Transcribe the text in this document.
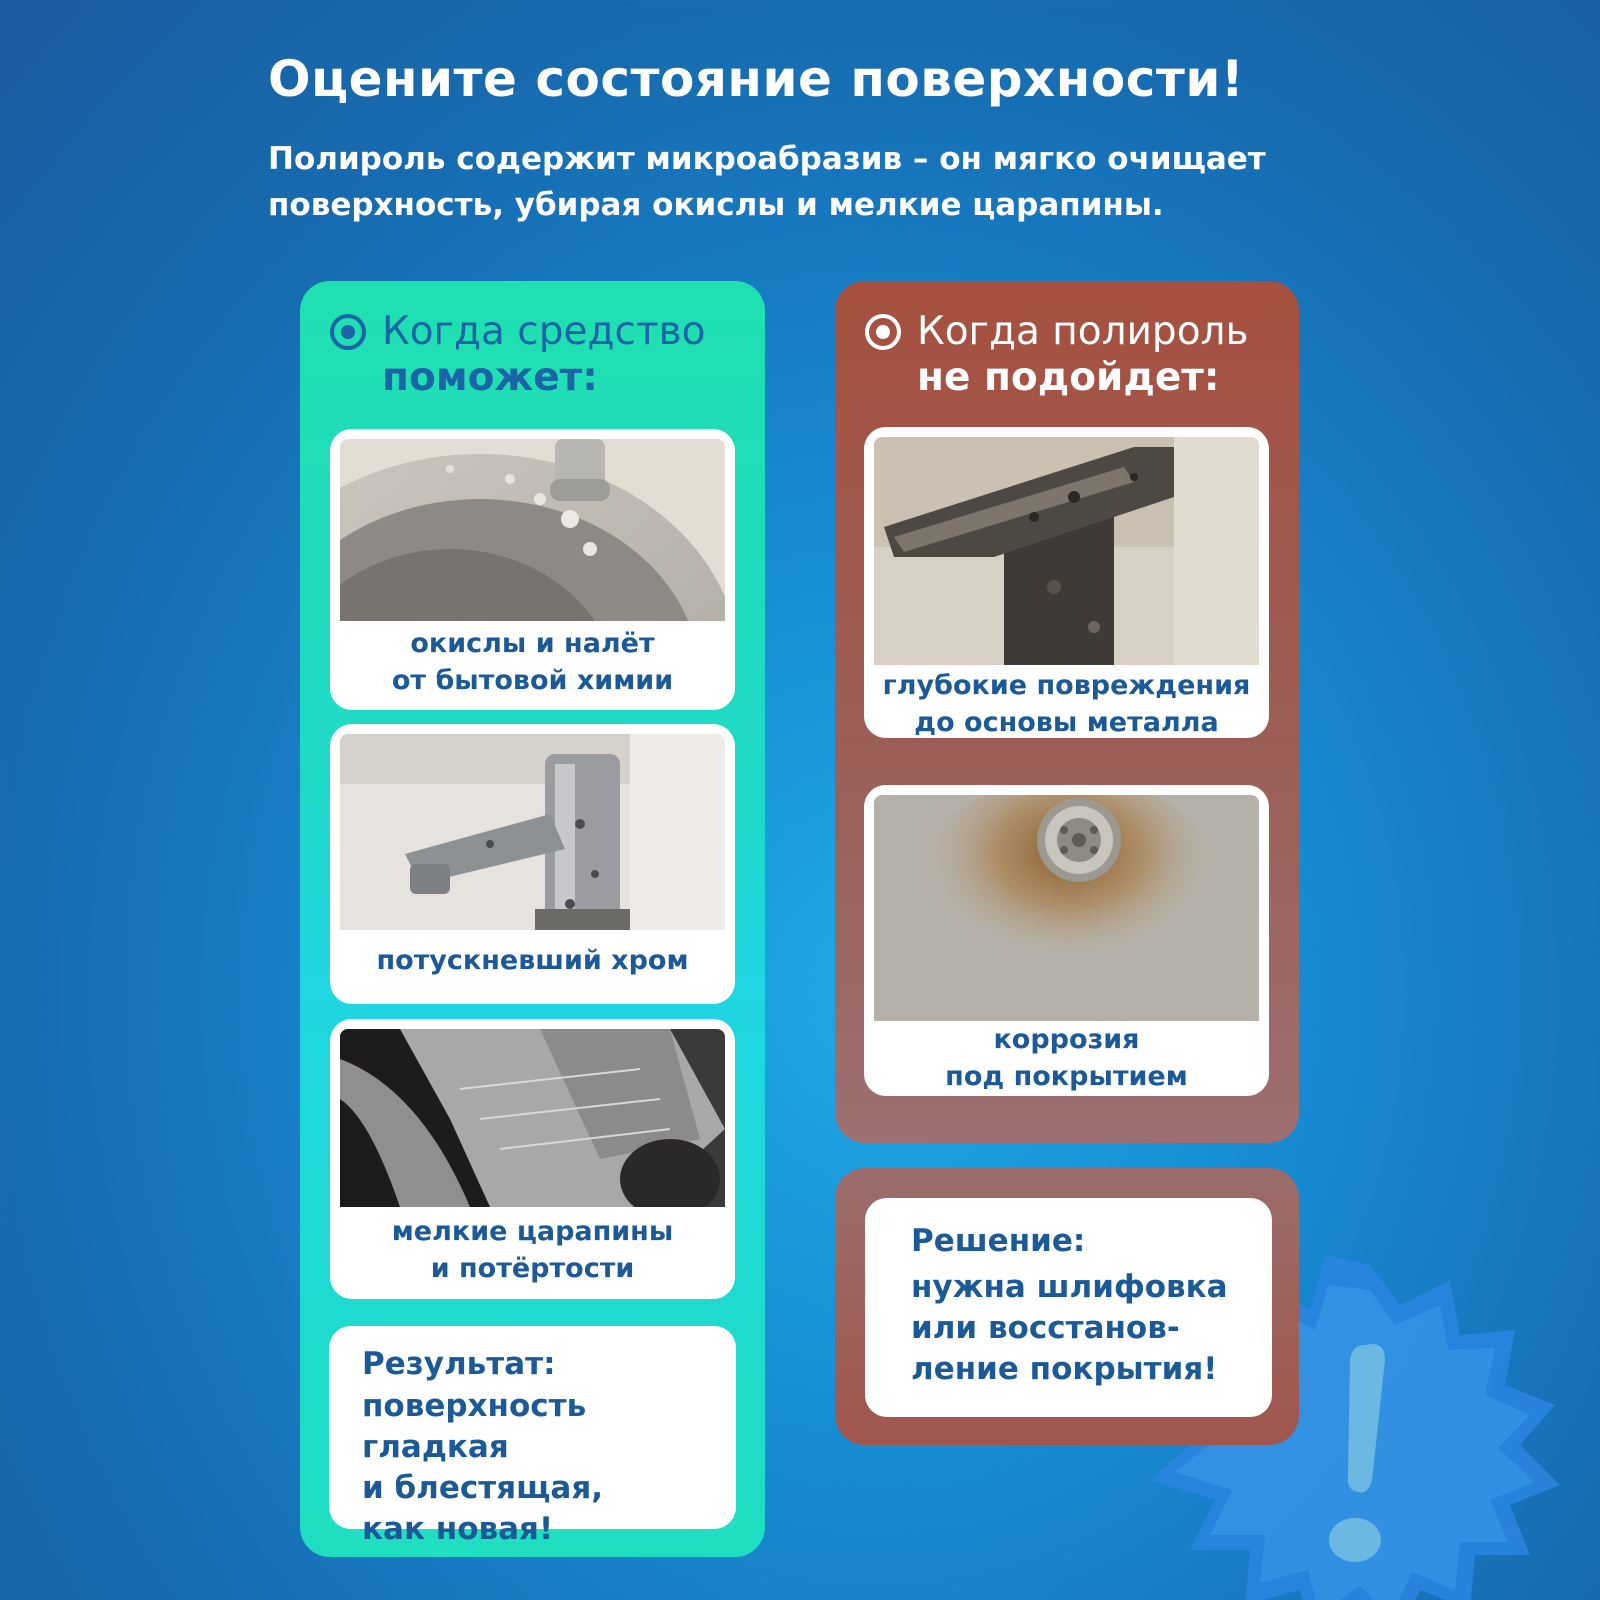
Оцените состояние поверхности!
Полироль содержит микроабразив – он мягко очищает поверхность, убирая окислы и мелкие царапины.
Когда средство
поможет:
окислы и налёт
от бытовой химии
потускневший хром
мелкие царапины
и потёртости
Результат:
поверхность гладкая
и блестящая,
как новая!
Когда полироль
не подойдет:
глубокие повреждения
до основы металла
коррозия
под покрытием
Решение:
нужна шлифовка
или восстанов-
ление покрытия!
